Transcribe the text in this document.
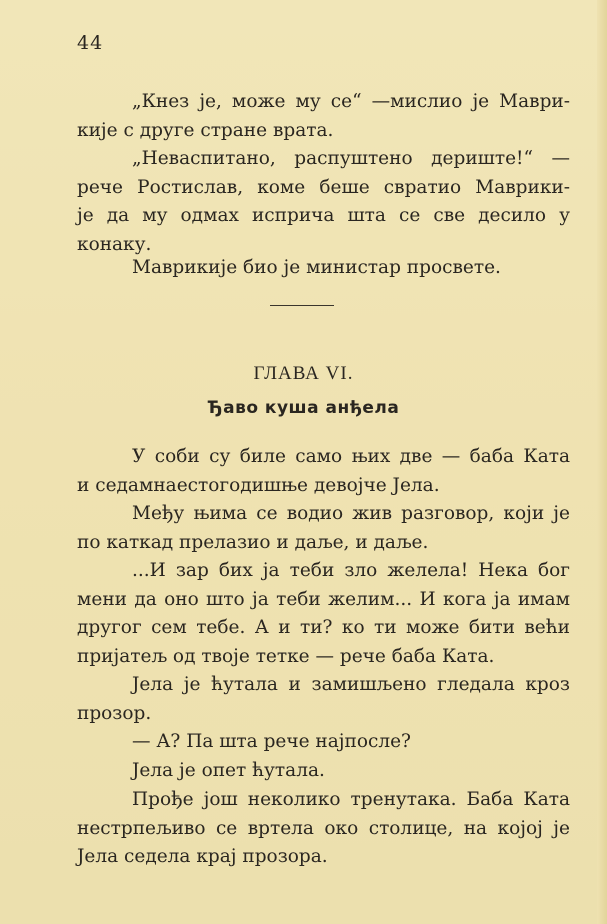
44
„Кнез је, може му се“ —мислио је Маври-
кије с друге стране врата.
„Неваспитано, распуштено дериште!“ —
рече Ростислав, коме беше свратио Маврики-
је да му одмах исприча шта се све десило у
конаку.
Маврикије био је министар просвете.
ГЛАВА VI.
Ђаво куша анђела
У соби су биле само њих две — баба Ката
и седамнаестогодишње девојче Јела.
Међу њима се водио жив разговор, који је
по каткад прелазио и даље, и даље.
...И зар бих ја теби зло желела! Нека бог
мени да оно што ја теби желим... И кога ја имам
другог сем тебе. А и ти? ко ти може бити већи
пријатељ од твоје тетке — рече баба Ката.
Јела је ћутала и замишљено гледала кроз
прозор.
— А? Па шта рече најпосле?
Јела је опет ћутала.
Прође још неколико тренутака. Баба Ката
нестрпељиво се вртела око столице, на којој је
Јела седела крај прозора.
